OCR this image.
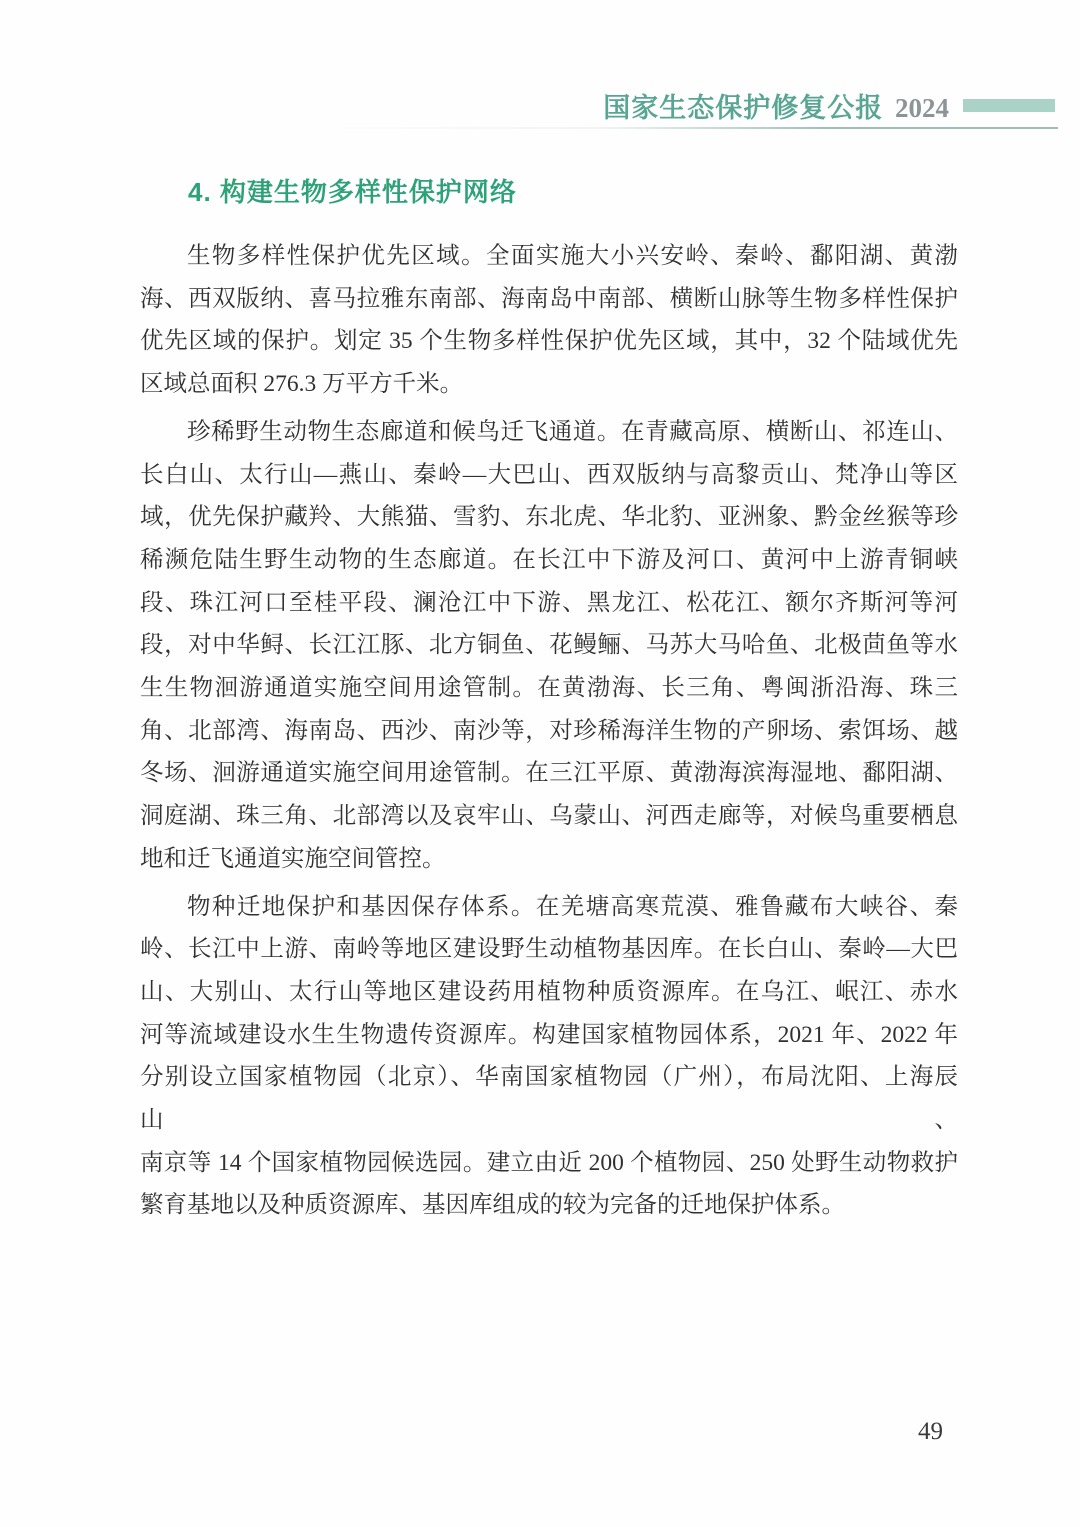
国家生态保护修复公报 2024
4. 构建生物多样性保护网络
生物多样性保护优先区域。全面实施大小兴安岭、秦岭、鄱阳湖、黄渤
海、西双版纳、喜马拉雅东南部、海南岛中南部、横断山脉等生物多样性保护
优先区域的保护。划定 35 个生物多样性保护优先区域，其中，32 个陆域优先
区域总面积 276.3 万平方千米。
珍稀野生动物生态廊道和候鸟迁飞通道。在青藏高原、横断山、祁连山、
长白山、太行山—燕山、秦岭—大巴山、西双版纳与高黎贡山、梵净山等区
域，优先保护藏羚、大熊猫、雪豹、东北虎、华北豹、亚洲象、黔金丝猴等珍
稀濒危陆生野生动物的生态廊道。在长江中下游及河口、黄河中上游青铜峡
段、珠江河口至桂平段、澜沧江中下游、黑龙江、松花江、额尔齐斯河等河
段，对中华鲟、长江江豚、北方铜鱼、花鳗鲡、马苏大马哈鱼、北极茴鱼等水
生生物洄游通道实施空间用途管制。在黄渤海、长三角、粤闽浙沿海、珠三
角、北部湾、海南岛、西沙、南沙等，对珍稀海洋生物的产卵场、索饵场、越
冬场、洄游通道实施空间用途管制。在三江平原、黄渤海滨海湿地、鄱阳湖、
洞庭湖、珠三角、北部湾以及哀牢山、乌蒙山、河西走廊等，对候鸟重要栖息
地和迁飞通道实施空间管控。
物种迁地保护和基因保存体系。在羌塘高寒荒漠、雅鲁藏布大峡谷、秦
岭、长江中上游、南岭等地区建设野生动植物基因库。在长白山、秦岭—大巴
山、大别山、太行山等地区建设药用植物种质资源库。在乌江、岷江、赤水
河等流域建设水生生物遗传资源库。构建国家植物园体系，2021 年、2022 年
分别设立国家植物园（北京）、华南国家植物园（广州），布局沈阳、上海辰山、
南京等 14 个国家植物园候选园。建立由近 200 个植物园、250 处野生动物救护
繁育基地以及种质资源库、基因库组成的较为完备的迁地保护体系。
49
